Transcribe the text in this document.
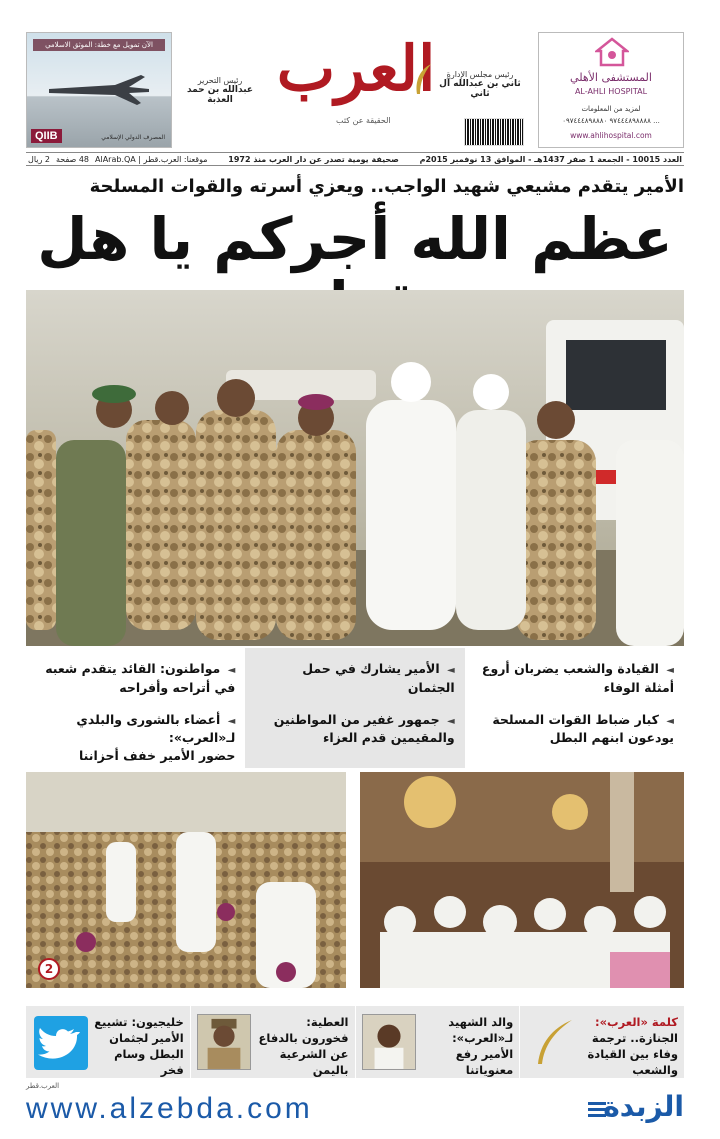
الآن تمويل مع خطة: الموثق الاسلامي
QIIB	المصرف الدولي الإسلامي
رئيس التحرير
عبدالله بن حمد العذبة العرب
الحقيقة عن كثب
رئيس مجلس الإدارة
ثاني بن عبدالله آل ثاني
المستشفى الأهلي
AL-AHLI HOSPITAL
لمزيد من المعلومات
٩٧٤٤٤٨٩٨٨٨٨ ٠٩٧٤٤٤٨٩٨٨٨٠ ...
www.ahlihospital.com
العدد 10015 - الجمعة 1 صفر 1437هـ - الموافق 13 نوفمبر 2015م
صحيفة يومية تصدر عن دار العرب منذ 1972
موقعنا: العرب.قطر | AlArab.QA
48 صفحة
2 ريال
الأمير يتقدم مشيعي شهيد الواجب.. ويعزي أسرته والقوات المسلحة
عظم الله أجركم يا هل
◄ القيادة والشعب يضربان أروع أمثلة الوفاء
◄ كبار ضباط القوات المسلحة يودعون ابنهم البطل
◄ الأمير يشارك في حمل الجثمان
◄ جمهور غفير من المواطنين والمقيمين قدم العزاء
◄ مواطنون: القائد يتقدم شعبه في أتراحه وأفراحه
◄ أعضاء بالشورى والبلدي لـ«العرب»:
حضور الأمير خفف أحزاننا
2
كلمة «العرب»: الجنازة.. ترجمة وفاء بين القيادة والشعب
والد الشهيد لـ«العرب»: الأمير رفع معنوياتنا
العطية: فخورون بالدفاع عن الشرعية باليمن
خليجيون: تشييع الأمير لجثمان البطل وسام فخر
العرب.قطر
www.alzebda.com	الزبدة
